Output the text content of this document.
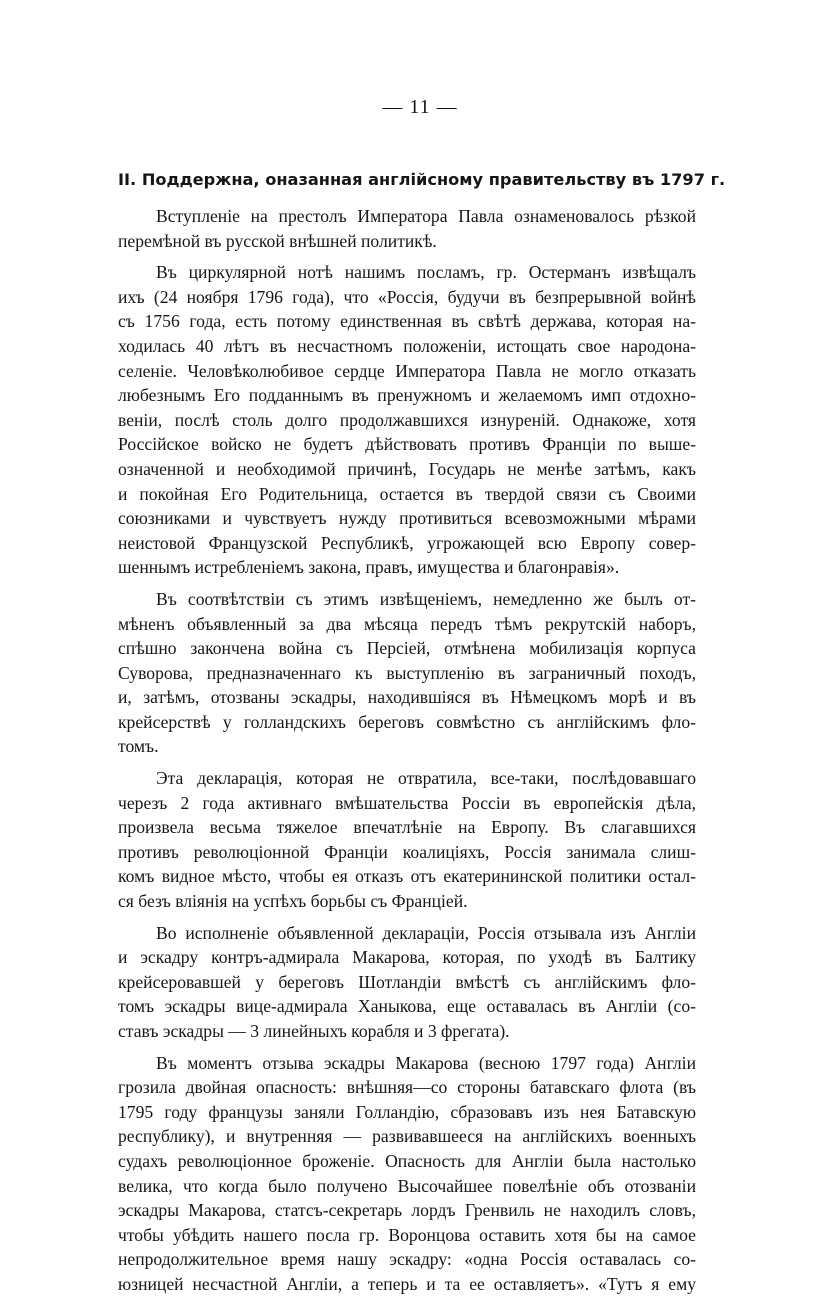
— 11 —
II. Поддержна, оназанная англійсному правительству въ 1797 г.
Вступленіе на престолъ Императора Павла ознаменовалось рѣзкой
перемѣной въ русской внѣшней политикѣ.
Въ циркулярной нотѣ нашимъ посламъ, гр. Остерманъ извѣщалъ
ихъ (24 ноября 1796 года), что «Россія, будучи въ безпрерывной войнѣ
съ 1756 года, есть потому единственная въ свѣтѣ держава, которая на-
ходилась 40 лѣтъ въ несчастномъ положеніи, истощать свое народона-
селеніе. Человѣколюбивое сердце Императора Павла не могло отказать
любезнымъ Его подданнымъ въ пренужномъ и желаемомъ имп отдохно-
веніи, послѣ столь долго продолжавшихся изнуреній. Однакоже, хотя
Россійское войско не будетъ дѣйствовать противъ Франціи по выше-
означенной и необходимой причинѣ, Государь не менѣе затѣмъ, какъ
и покойная Его Родительница, остается въ твердой связи съ Своими
союзниками и чувствуетъ нужду противиться всевозможными мѣрами
неистовой Французской Республикѣ, угрожающей всю Европу совер-
шеннымъ истребленіемъ закона, правъ, имущества и благонравія».
Въ соотвѣтствіи съ этимъ извѣщеніемъ, немедленно же былъ от-
мѣненъ объявленный за два мѣсяца передъ тѣмъ рекрутскій наборъ,
спѣшно закончена война съ Персіей, отмѣнена мобилизація корпуса
Суворова, предназначеннаго къ выступленію въ заграничный походъ,
и, затѣмъ, отозваны эскадры, находившіяся въ Нѣмецкомъ морѣ и въ
крейсерствѣ у голландскихъ береговъ совмѣстно съ англійскимъ фло-
томъ.
Эта декларація, которая не отвратила, все-таки, послѣдовавшаго
черезъ 2 года активнаго вмѣшательства Россіи въ европейскія дѣла,
произвела весьма тяжелое впечатлѣніе на Европу. Въ слагавшихся
противъ революціонной Франціи коалиціяхъ, Россія занимала слиш-
комъ видное мѣсто, чтобы ея отказъ отъ екатерининской политики остал-
ся безъ вліянія на успѣхъ борьбы съ Франціей.
Во исполненіе объявленной деклараціи, Россія отзывала изъ Англіи
и эскадру контръ-адмирала Макарова, которая, по уходѣ въ Балтику
крейсеровавшей у береговъ Шотландіи вмѣстѣ съ англійскимъ фло-
томъ эскадры вице-адмирала Ханыкова, еще оставалась въ Англіи (со-
ставъ эскадры — 3 линейныхъ корабля и 3 фрегата).
Въ моментъ отзыва эскадры Макарова (весною 1797 года) Англіи
грозила двойная опасность: внѣшняя—со стороны батавскаго флота (въ
1795 году французы заняли Голландію, сбразовавъ изъ нея Батавскую
республику), и внутренняя — развивавшееся на англійскихъ военныхъ
судахъ революціонное броженіе. Опасность для Англіи была настолько
велика, что когда было получено Высочайшее повелѣніе объ отозваніи
эскадры Макарова, статсъ-секретарь лордъ Гренвиль не находилъ словъ,
чтобы убѣдить нашего посла гр. Воронцова оставить хотя бы на самое
непродолжительное время нашу эскадру: «одна Россія оставалась со-
юзницей несчастной Англіи, а теперь и та ее оставляетъ». «Тутъ я ему
